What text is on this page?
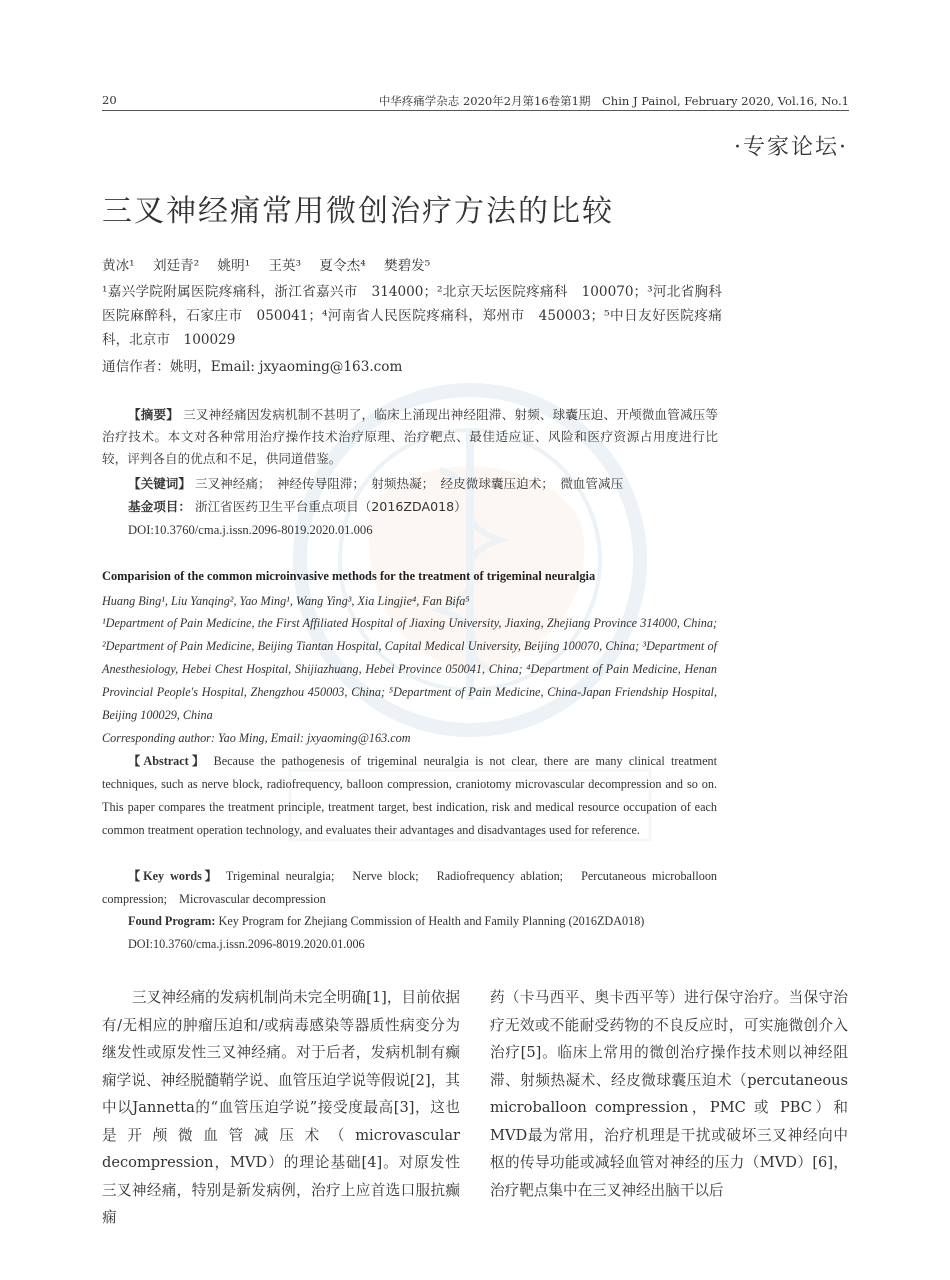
20	中华疼痛学杂志 2020年2月第16卷第1期　Chin J Painol, February 2020, Vol.16, No.1
·专家论坛·
三叉神经痛常用微创治疗方法的比较
黄冰¹ 刘廷青² 姚明¹ 王英³ 夏令杰⁴ 樊碧发⁵
¹嘉兴学院附属医院疼痛科，浙江省嘉兴市　314000；²北京天坛医院疼痛科　100070；³河北省胸科医院麻醉科，石家庄市　050041；⁴河南省人民医院疼痛科，郑州市　450003；⁵中日友好医院疼痛科，北京市　100029
通信作者：姚明，Email: jxyaoming@163.com
【摘要】 三叉神经痛因发病机制不甚明了，临床上涌现出神经阻滞、射频、球囊压迫、开颅微血管减压等治疗技术。本文对各种常用治疗操作技术治疗原理、治疗靶点、最佳适应证、风险和医疗资源占用度进行比较，评判各自的优点和不足，供同道借鉴。
【关键词】 三叉神经痛；　神经传导阻滞；　射频热凝；　经皮微球囊压迫术；　微血管减压
基金项目： 浙江省医药卫生平台重点项目（2016ZDA018）
DOI:10.3760/cma.j.issn.2096-8019.2020.01.006
Comparision of the common microinvasive methods for the treatment of trigeminal neuralgia
Huang Bing¹, Liu Yanqing², Yao Ming¹, Wang Ying³, Xia Lingjie⁴, Fan Bifa⁵
¹Department of Pain Medicine, the First Affiliated Hospital of Jiaxing University, Jiaxing, Zhejiang Province 314000, China; ²Department of Pain Medicine, Beijing Tiantan Hospital, Capital Medical University, Beijing 100070, China; ³Department of Anesthesiology, Hebei Chest Hospital, Shijiazhuang, Hebei Province 050041, China; ⁴Department of Pain Medicine, Henan Provincial People's Hospital, Zhengzhou 450003, China; ⁵Department of Pain Medicine, China-Japan Friendship Hospital, Beijing 100029, China
Corresponding author: Yao Ming, Email: jxyaoming@163.com
【Abstract】 Because the pathogenesis of trigeminal neuralgia is not clear, there are many clinical treatment techniques, such as nerve block, radiofrequency, balloon compression, craniotomy microvascular decompression and so on. This paper compares the treatment principle, treatment target, best indication, risk and medical resource occupation of each common treatment operation technology, and evaluates their advantages and disadvantages used for reference.
【Key words】 Trigeminal neuralgia;　Nerve block;　Radiofrequency ablation;　Percutaneous microballoon compression;　Microvascular decompression
Found Program: Key Program for Zhejiang Commission of Health and Family Planning (2016ZDA018)
DOI:10.3760/cma.j.issn.2096-8019.2020.01.006
三叉神经痛的发病机制尚未完全明确[1]，目前依据有/无相应的肿瘤压迫和/或病毒感染等器质性病变分为继发性或原发性三叉神经痛。对于后者，发病机制有癫痫学说、神经脱髓鞘学说、血管压迫学说等假说[2]，其中以Jannetta的“血管压迫学说”接受度最高[3]，这也是开颅微血管减压术（microvascular decompression，MVD）的理论基础[4]。对原发性三叉神经痛，特别是新发病例，治疗上应首选口服抗癫痫
药（卡马西平、奥卡西平等）进行保守治疗。当保守治疗无效或不能耐受药物的不良反应时，可实施微创介入治疗[5]。临床上常用的微创治疗操作技术则以神经阻滞、射频热凝术、经皮微球囊压迫术（percutaneous microballoon compression，PMC 或 PBC）和MVD最为常用，治疗机理是干扰或破坏三叉神经向中枢的传导功能或减轻血管对神经的压力（MVD）[6]，治疗靶点集中在三叉神经出脑干以后
